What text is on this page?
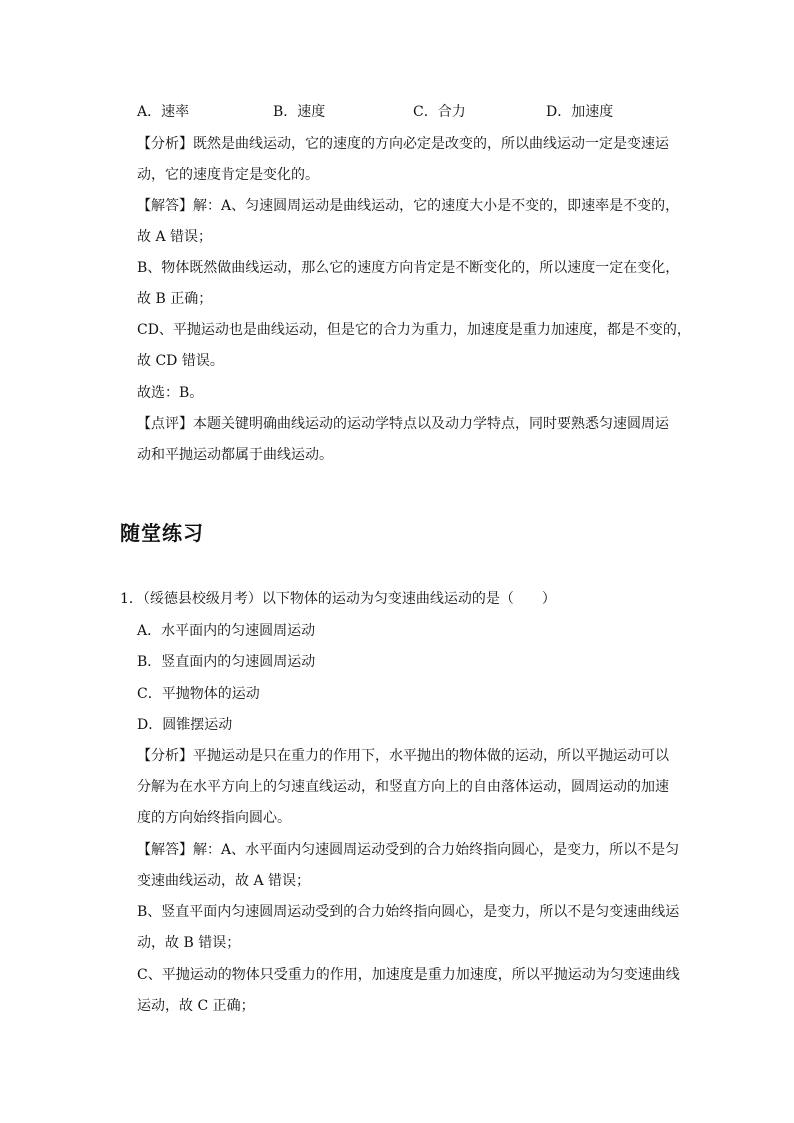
A．速率	B．速度	C．合力	D．加速度
【分析】既然是曲线运动，它的速度的方向必定是改变的，所以曲线运动一定是变速运
动，它的速度肯定是变化的。
【解答】解：A、匀速圆周运动是曲线运动，它的速度大小是不变的，即速率是不变的，
故 A 错误；
B、物体既然做曲线运动，那么它的速度方向肯定是不断变化的，所以速度一定在变化，
故 B 正确；
CD、平抛运动也是曲线运动，但是它的合力为重力，加速度是重力加速度，都是不变的，
故 CD 错误。
故选：B。
【点评】本题关键明确曲线运动的运动学特点以及动力学特点，同时要熟悉匀速圆周运
动和平抛运动都属于曲线运动。
随堂练习
1．（绥德县校级月考）以下物体的运动为匀变速曲线运动的是（　　）
A．水平面内的匀速圆周运动
B．竖直面内的匀速圆周运动
C．平抛物体的运动
D．圆锥摆运动
【分析】平抛运动是只在重力的作用下，水平抛出的物体做的运动，所以平抛运动可以
分解为在水平方向上的匀速直线运动，和竖直方向上的自由落体运动，圆周运动的加速
度的方向始终指向圆心。
【解答】解：A、水平面内匀速圆周运动受到的合力始终指向圆心，是变力，所以不是匀
变速曲线运动，故 A 错误；
B、竖直平面内匀速圆周运动受到的合力始终指向圆心，是变力，所以不是匀变速曲线运
动，故 B 错误；
C、平抛运动的物体只受重力的作用，加速度是重力加速度，所以平抛运动为匀变速曲线
运动，故 C 正确；
